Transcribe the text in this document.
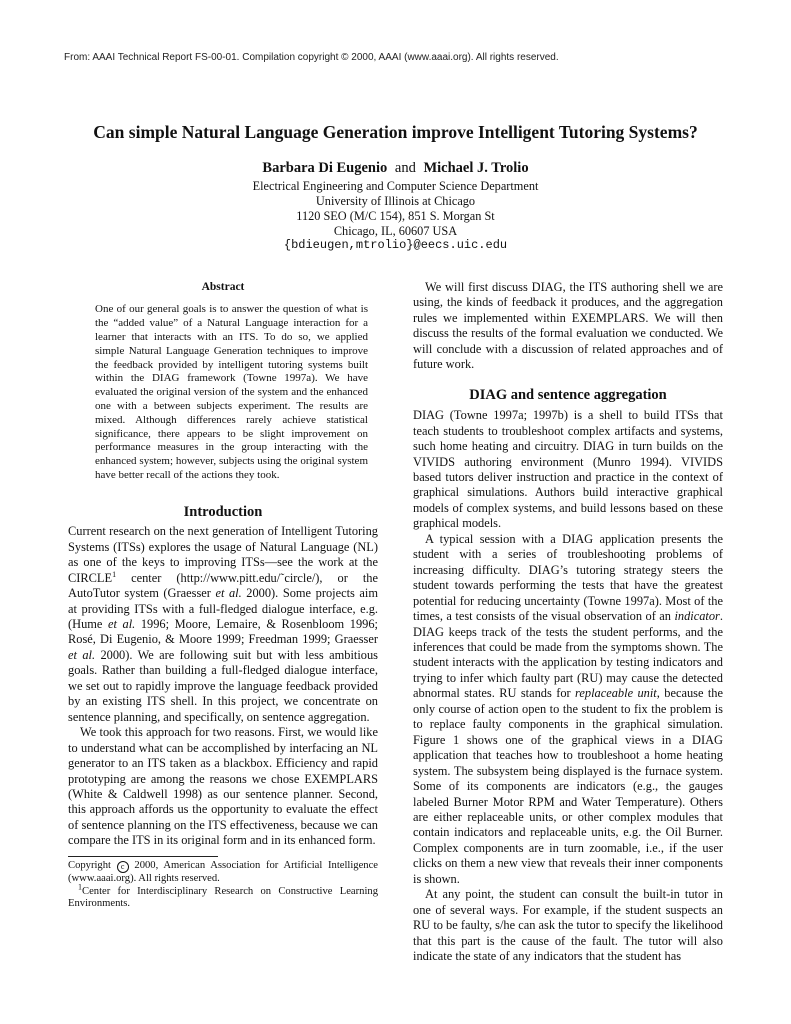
From: AAAI Technical Report FS-00-01. Compilation copyright © 2000, AAAI (www.aaai.org). All rights reserved.
Can simple Natural Language Generation improve Intelligent Tutoring Systems?
Barbara Di Eugenio and Michael J. Trolio
Electrical Engineering and Computer Science Department
University of Illinois at Chicago
1120 SEO (M/C 154), 851 S. Morgan St
Chicago, IL, 60607 USA
{bdieugen,mtrolio}@eecs.uic.edu
Abstract

One of our general goals is to answer the question of what is the “added value” of a Natural Language interaction for a learner that interacts with an ITS. To do so, we applied simple Natural Language Generation techniques to improve the feedback provided by intelligent tutoring systems built within the DIAG framework (Towne 1997a). We have evaluated the original version of the system and the enhanced one with a between subjects experiment. The results are mixed. Although differences rarely achieve statistical significance, there appears to be slight improvement on performance measures in the group interacting with the enhanced system; however, subjects using the original system have better recall of the actions they took.

Introduction

Current research on the next generation of Intelligent Tutoring Systems (ITSs) explores the usage of Natural Language (NL) as one of the keys to improving ITSs—see the work at the CIRCLE$^1$ center (http://www.pitt.edu/˜circle/), or the AutoTutor system (Graesser et al. 2000). Some projects aim at providing ITSs with a full-fledged dialogue interface, e.g. (Hume et al. 1996; Moore, Lemaire, & Rosenbloom 1996; Rosé, Di Eugenio, & Moore 1999; Freedman 1999; Graesser et al. 2000). We are following suit but with less ambitious goals. Rather than building a full-fledged dialogue interface, we set out to rapidly improve the language feedback provided by an existing ITS shell. In this project, we concentrate on sentence planning, and specifically, on sentence aggregation.

We took this approach for two reasons. First, we would like to understand what can be accomplished by interfacing an NL generator to an ITS taken as a blackbox. Efficiency and rapid prototyping are among the reasons we chose EXEMPLARS (White & Caldwell 1998) as our sentence planner. Second, this approach affords us the opportunity to evaluate the effect of sentence planning on the ITS effectiveness, because we can compare the ITS in its original form and in its enhanced form.

Copyright c 2000, American Association for Artificial Intelligence (www.aaai.org). All rights reserved.
$^1$Center for Interdisciplinary Research on Constructive Learning Environments.

We will first discuss DIAG, the ITS authoring shell we are using, the kinds of feedback it produces, and the aggregation rules we implemented within EXEMPLARS. We will then discuss the results of the formal evaluation we conducted. We will conclude with a discussion of related approaches and of future work.

DIAG and sentence aggregation

DIAG (Towne 1997a; 1997b) is a shell to build ITSs that teach students to troubleshoot complex artifacts and systems, such home heating and circuitry. DIAG in turn builds on the VIVIDS authoring environment (Munro 1994). VIVIDS based tutors deliver instruction and practice in the context of graphical simulations. Authors build interactive graphical models of complex systems, and build lessons based on these graphical models.

A typical session with a DIAG application presents the student with a series of troubleshooting problems of increasing difficulty. DIAG’s tutoring strategy steers the student towards performing the tests that have the greatest potential for reducing uncertainty (Towne 1997a). Most of the times, a test consists of the visual observation of an indicator. DIAG keeps track of the tests the student performs, and the inferences that could be made from the symptoms shown. The student interacts with the application by testing indicators and trying to infer which faulty part (RU) may cause the detected abnormal states. RU stands for replaceable unit, because the only course of action open to the student to fix the problem is to replace faulty components in the graphical simulation. Figure 1 shows one of the graphical views in a DIAG application that teaches how to troubleshoot a home heating system. The subsystem being displayed is the furnace system. Some of its components are indicators (e.g., the gauges labeled Burner Motor RPM and Water Temperature). Others are either replaceable units, or other complex modules that contain indicators and replaceable units, e.g. the Oil Burner. Complex components are in turn zoomable, i.e., if the user clicks on them a new view that reveals their inner components is shown.

At any point, the student can consult the built-in tutor in one of several ways. For example, if the student suspects an RU to be faulty, s/he can ask the tutor to specify the likelihood that this part is the cause of the fault. The tutor will also indicate the state of any indicators that the student has
